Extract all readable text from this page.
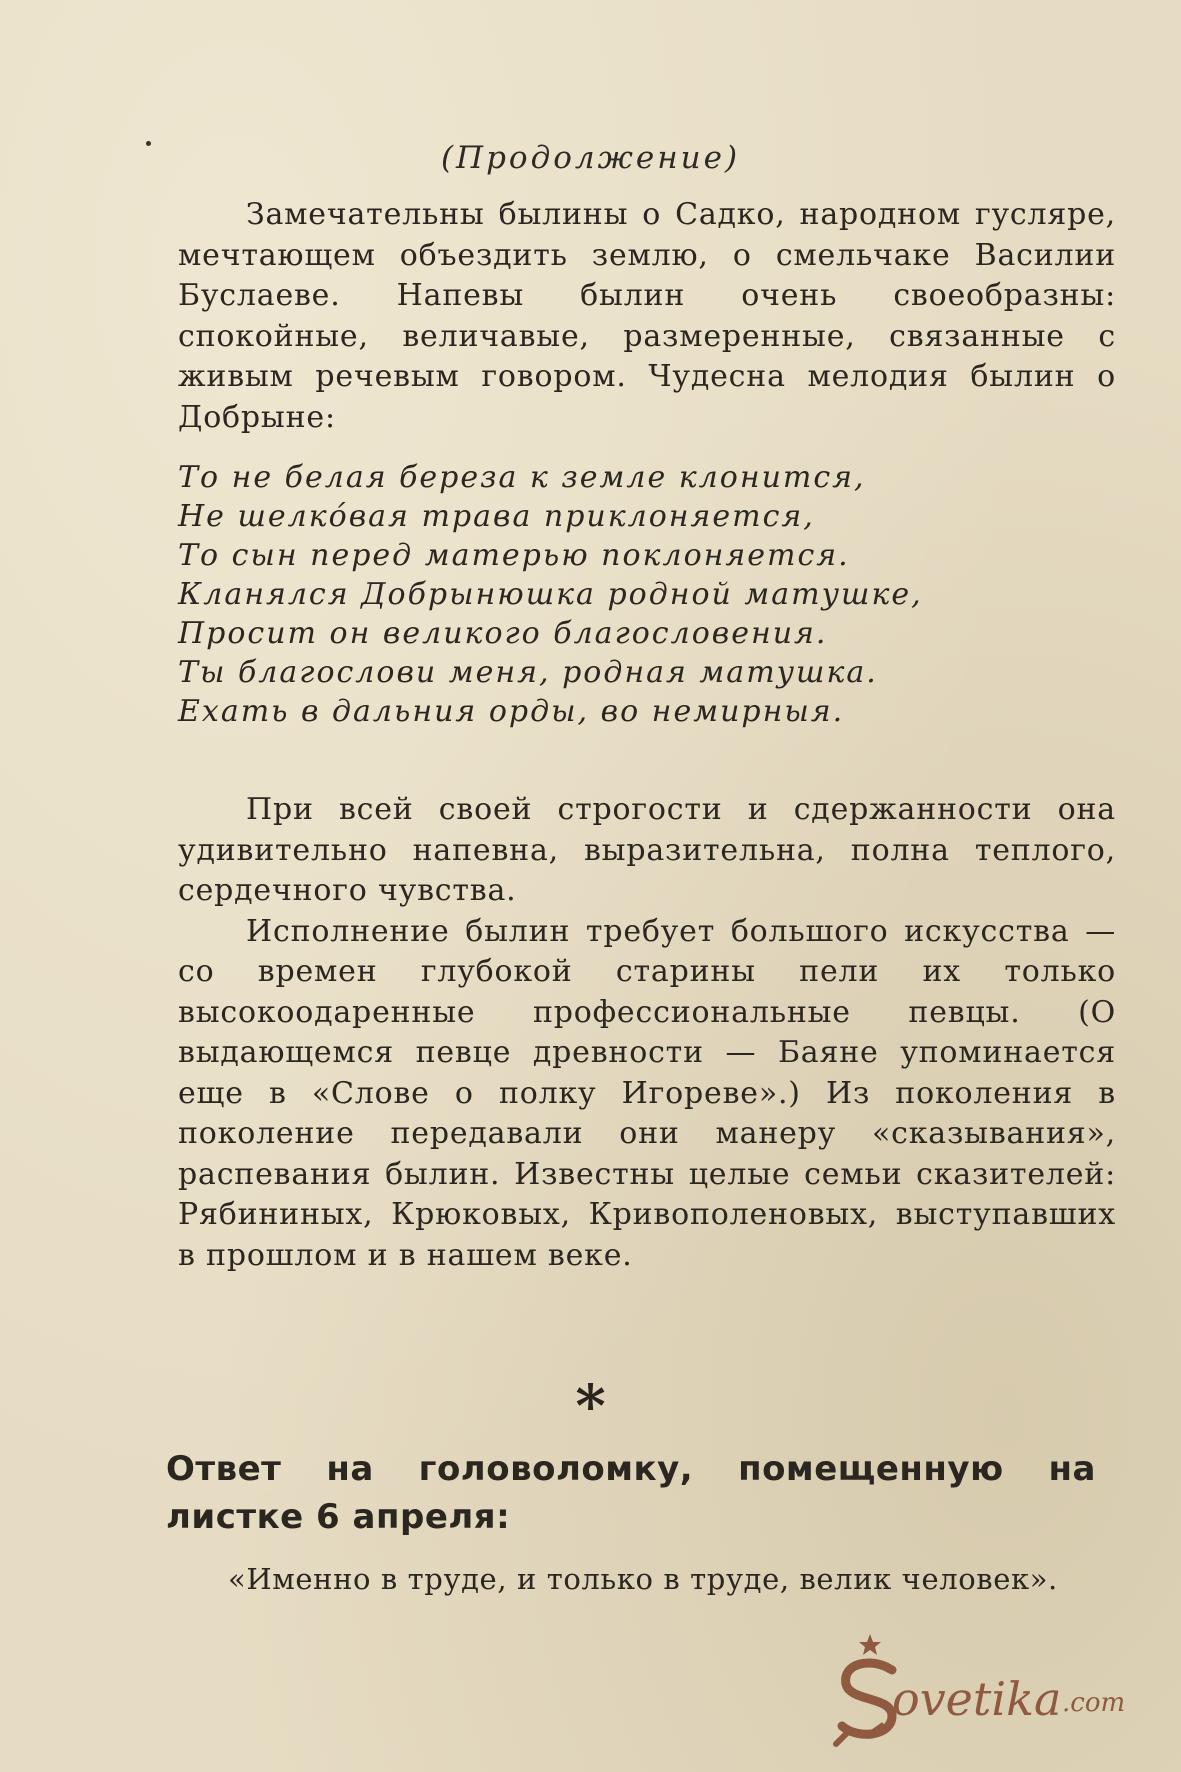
(Продолжение)

Замечательны былины о Садко, народном гусляре, мечтающем объездить землю, о смельчаке Василии Буслаеве. Напевы былин очень своеобразны: спокойные, величавые, размеренные, связанные с живым речевым говором. Чудесна мелодия былин о Добрыне:

То не белая береза к земле клонится,
Не шелкóвая трава приклоняется,
То сын перед матерью поклоняется.
Кланялся Добрынюшка родной матушке,
Просит он великого благословения.
Ты благослови меня, родная матушка.
Ехать в дальния орды, во немирныя.

При всей своей строгости и сдержанности она удивительно напевна, выразительна, полна теплого, сердечного чувства.

Исполнение былин требует большого искусства — со времен глубокой старины пели их только высокоодаренные профессиональные певцы. (О выдающемся певце древности — Баяне упоминается еще в «Слове о полку Игореве».) Из поколения в поколение передавали они манеру «сказывания», распевания былин. Известны целые семьи сказителей: Рябининых, Крюковых, Кривополеновых, выступавших в прошлом и в нашем веке.

*
Ответ на головоломку, помещенную на
листке 6 апреля:

«Именно в труде, и только в труде, велик человек».

ovetika .com
